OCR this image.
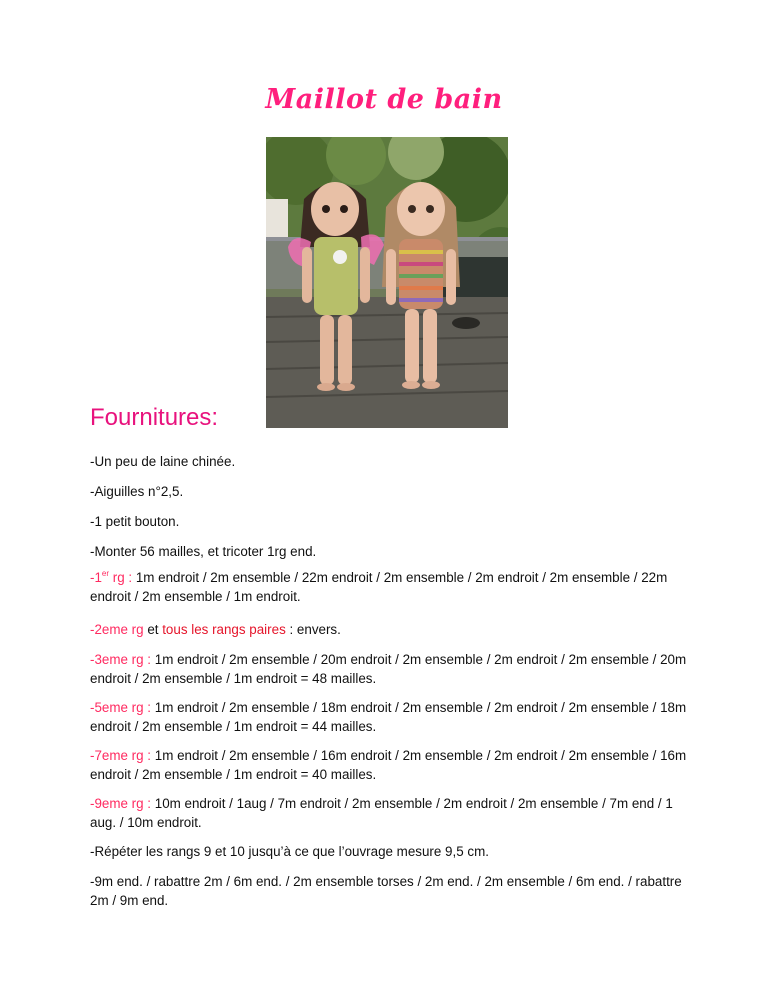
Maillot de bain
Fournitures:
-Un peu de laine chinée.
-Aiguilles n°2,5.
-1 petit bouton.
-Monter 56 mailles, et tricoter 1rg end.
-1er rg : 1m endroit / 2m ensemble / 22m endroit / 2m ensemble / 2m endroit / 2m ensemble / 22m endroit / 2m ensemble / 1m endroit.
-2eme rg et tous les rangs paires : envers.
-3eme rg : 1m endroit / 2m ensemble / 20m endroit / 2m ensemble / 2m endroit / 2m ensemble / 20m endroit / 2m ensemble / 1m endroit = 48 mailles.
-5eme rg : 1m endroit / 2m ensemble / 18m endroit / 2m ensemble / 2m endroit / 2m ensemble / 18m endroit / 2m ensemble / 1m endroit = 44 mailles.
-7eme rg : 1m endroit / 2m ensemble / 16m endroit / 2m ensemble / 2m endroit / 2m ensemble / 16m endroit / 2m ensemble / 1m endroit = 40 mailles.
-9eme rg : 10m endroit / 1aug / 7m endroit / 2m ensemble / 2m endroit / 2m ensemble / 7m end / 1 aug. / 10m endroit.
-Répéter les rangs 9 et 10 jusqu’à ce que l’ouvrage mesure 9,5 cm.
-9m end. / rabattre 2m / 6m end. / 2m ensemble torses / 2m end. / 2m ensemble / 6m end. / rabattre 2m / 9m end.
